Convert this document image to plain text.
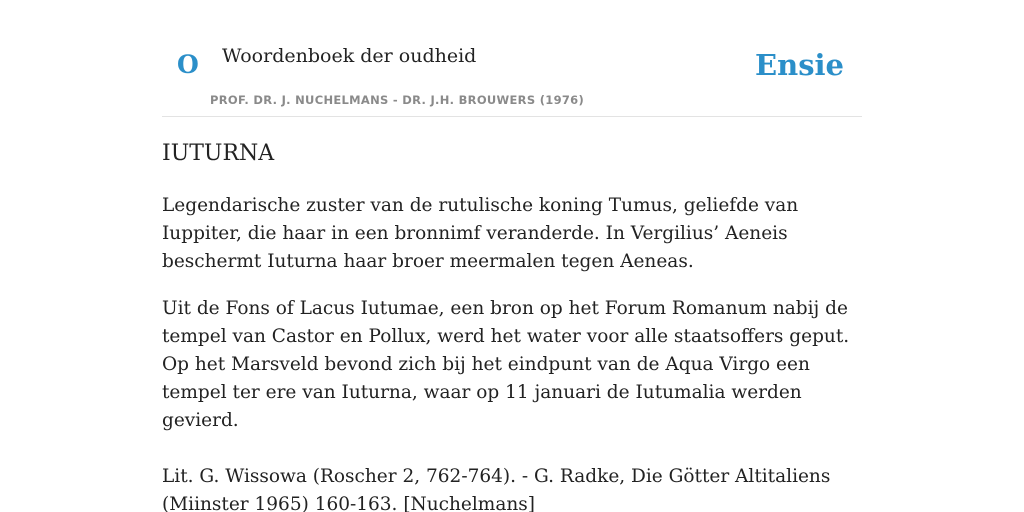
O Woordenboek der oudheid
PROF. DR. J. NUCHELMANS - DR. J.H. BROUWERS (1976)
Ensie
IUTURNA

Legendarische zuster van de rutulische koning Tumus, geliefde van Iuppiter, die haar in een bronnimf veranderde. In Vergilius’ Aeneis beschermt Iuturna haar broer meermalen tegen Aeneas.

Uit de Fons of Lacus Iutumae, een bron op het Forum Romanum nabij de tempel van Castor en Pollux, werd het water voor alle staatsoffers geput. Op het Marsveld bevond zich bij het eindpunt van de Aqua Virgo een tempel ter ere van Iuturna, waar op 11 januari de Iutumalia werden gevierd.

Lit. G. Wissowa (Roscher 2, 762-764). - G. Radke, Die Götter Altitaliens (Miinster 1965) 160-163. [Nuchelmans]
